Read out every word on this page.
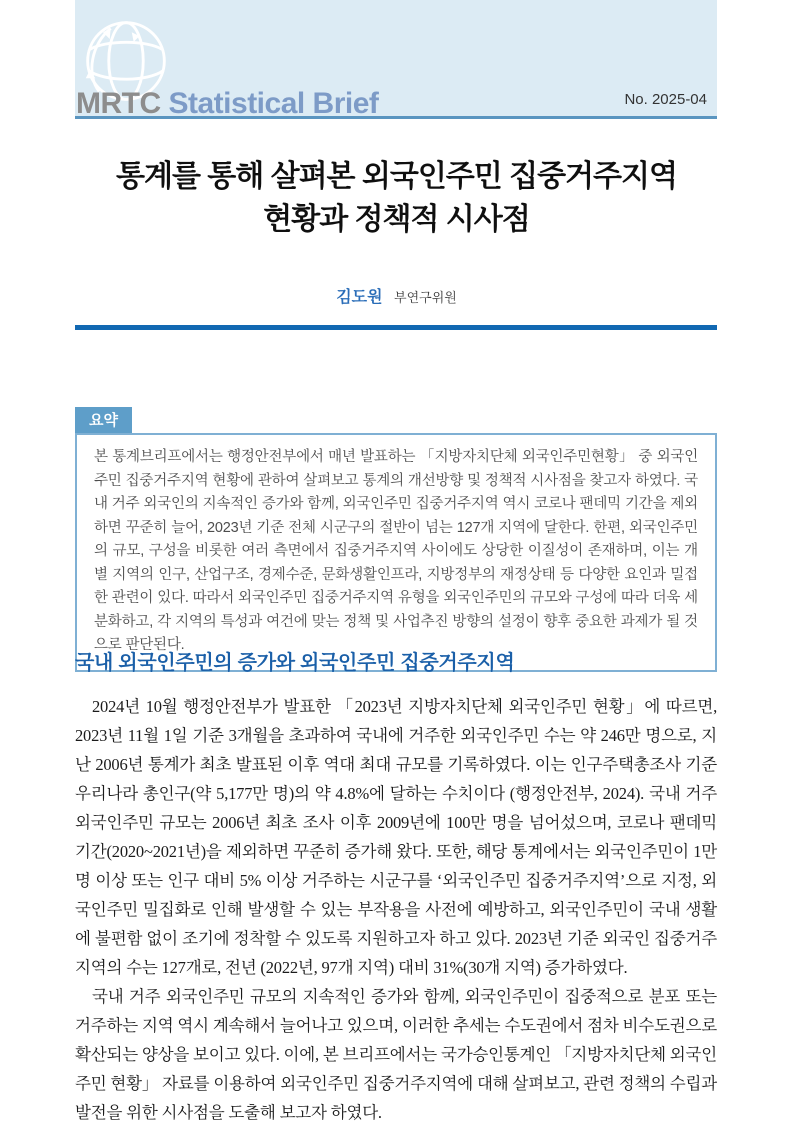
MRTC Statistical Brief	No. 2025-04
통계를 통해 살펴본 외국인주민 집중거주지역
현황과 정책적 시사점
김도원 부연구위원
요약

본 통계브리프에서는 행정안전부에서 매년 발표하는 「지방자치단체 외국인주민현황」 중 외국인주민 집중거주지역 현황에 관하여 살펴보고 통계의 개선방향 및 정책적 시사점을 찾고자 하였다. 국내 거주 외국인의 지속적인 증가와 함께, 외국인주민 집중거주지역 역시 코로나 팬데믹 기간을 제외하면 꾸준히 늘어, 2023년 기준 전체 시군구의 절반이 넘는 127개 지역에 달한다. 한편, 외국인주민의 규모, 구성을 비롯한 여러 측면에서 집중거주지역 사이에도 상당한 이질성이 존재하며, 이는 개별 지역의 인구, 산업구조, 경제수준, 문화생활인프라, 지방정부의 재정상태 등 다양한 요인과 밀접한 관련이 있다. 따라서 외국인주민 집중거주지역 유형을 외국인주민의 규모와 구성에 따라 더욱 세분화하고, 각 지역의 특성과 여건에 맞는 정책 및 사업추진 방향의 설정이 향후 중요한 과제가 될 것으로 판단된다.

국내 외국인주민의 증가와 외국인주민 집중거주지역

2024년 10월 행정안전부가 발표한 「2023년 지방자치단체 외국인주민 현황」에 따르면, 2023년 11월 1일 기준 3개월을 초과하여 국내에 거주한 외국인주민 수는 약 246만 명으로, 지난 2006년 통계가 최초 발표된 이후 역대 최대 규모를 기록하였다. 이는 인구주택총조사 기준 우리나라 총인구(약 5,177만 명)의 약 4.8%에 달하는 수치이다 (행정안전부, 2024). 국내 거주 외국인주민 규모는 2006년 최초 조사 이후 2009년에 100만 명을 넘어섰으며, 코로나 팬데믹 기간(2020~2021년)을 제외하면 꾸준히 증가해 왔다. 또한, 해당 통계에서는 외국인주민이 1만 명 이상 또는 인구 대비 5% 이상 거주하는 시군구를 ‘외국인주민 집중거주지역’으로 지정, 외국인주민 밀집화로 인해 발생할 수 있는 부작용을 사전에 예방하고, 외국인주민이 국내 생활에 불편함 없이 조기에 정착할 수 있도록 지원하고자 하고 있다. 2023년 기준 외국인 집중거주지역의 수는 127개로, 전년 (2022년, 97개 지역) 대비 31%(30개 지역) 증가하였다.

국내 거주 외국인주민 규모의 지속적인 증가와 함께, 외국인주민이 집중적으로 분포 또는 거주하는 지역 역시 계속해서 늘어나고 있으며, 이러한 추세는 수도권에서 점차 비수도권으로 확산되는 양상을 보이고 있다. 이에, 본 브리프에서는 국가승인통계인 「지방자치단체 외국인주민 현황」 자료를 이용하여 외국인주민 집중거주지역에 대해 살펴보고, 관련 정책의 수립과 발전을 위한 시사점을 도출해 보고자 하였다.
